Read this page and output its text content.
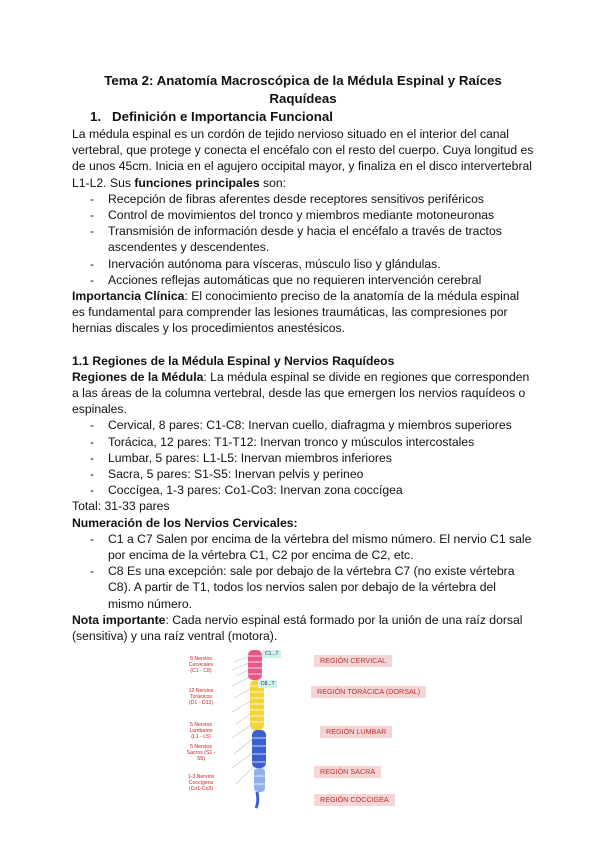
Tema 2: Anatomía Macroscópica de la Médula Espinal y Raíces Raquídeas

1. Definición e Importancia Funcional

La médula espinal es un cordón de tejido nervioso situado en el interior del canal vertebral, que protege y conecta el encéfalo con el resto del cuerpo. Cuya longitud es de unos 45cm. Inicia en el agujero occipital mayor, y finaliza en el disco intervertebral L1-L2. Sus funciones principales son:

- Recepción de fibras aferentes desde receptores sensitivos periféricos
- Control de movimientos del tronco y miembros mediante motoneuronas
- Transmisión de información desde y hacia el encéfalo a través de tractos ascendentes y descendentes.
- Inervación autónoma para vísceras, músculo liso y glándulas.
- Acciones reflejas automáticas que no requieren intervención cerebral

Importancia Clínica: El conocimiento preciso de la anatomía de la médula espinal es fundamental para comprender las lesiones traumáticas, las compresiones por hernias discales y los procedimientos anestésicos.

1.1 Regiones de la Médula Espinal y Nervios Raquídeos

Regiones de la Médula: La médula espinal se divide en regiones que corresponden a las áreas de la columna vertebral, desde las que emergen los nervios raquídeos o espinales.

- Cervical, 8 pares: C1-C8: Inervan cuello, diafragma y miembros superiores
- Torácica, 12 pares: T1-T12: Inervan tronco y músculos intercostales
- Lumbar, 5 pares: L1-L5: Inervan miembros inferiores
- Sacra, 5 pares: S1-S5: Inervan pelvis y perineo
- Coccígea, 1-3 pares: Co1-Co3: Inervan zona coccígea

Total: 31-33 pares

Numeración de los Nervios Cervicales:

- C1 a C7 Salen por encima de la vértebra del mismo número. El nervio C1 sale por encima de la vértebra C1, C2 por encima de C2, etc.
- C8 Es una excepción: sale por debajo de la vértebra C7 (no existe vértebra C8). A partir de T1, todos los nervios salen por debajo de la vértebra del mismo número.

Nota importante: Cada nervio espinal está formado por la unión de una raíz dorsal (sensitiva) y una raíz ventral (motora).

8 Nervios Cervicales (C1 - C8)
12 Nervios Torácicos (D1 - D12)
5 Nervios Lumbares (L1 - L5)
5 Nervios Sacros (S1 - S5)
1-3 Nervios Coccígeos (Co1-Co3)
C1...7
D8...?
REGIÓN CERVICAL
REGIÓN TORÁCICA (DORSAL)
REGIÓN LUMBAR
REGIÓN SACRA
REGIÓN COCCIGEA
